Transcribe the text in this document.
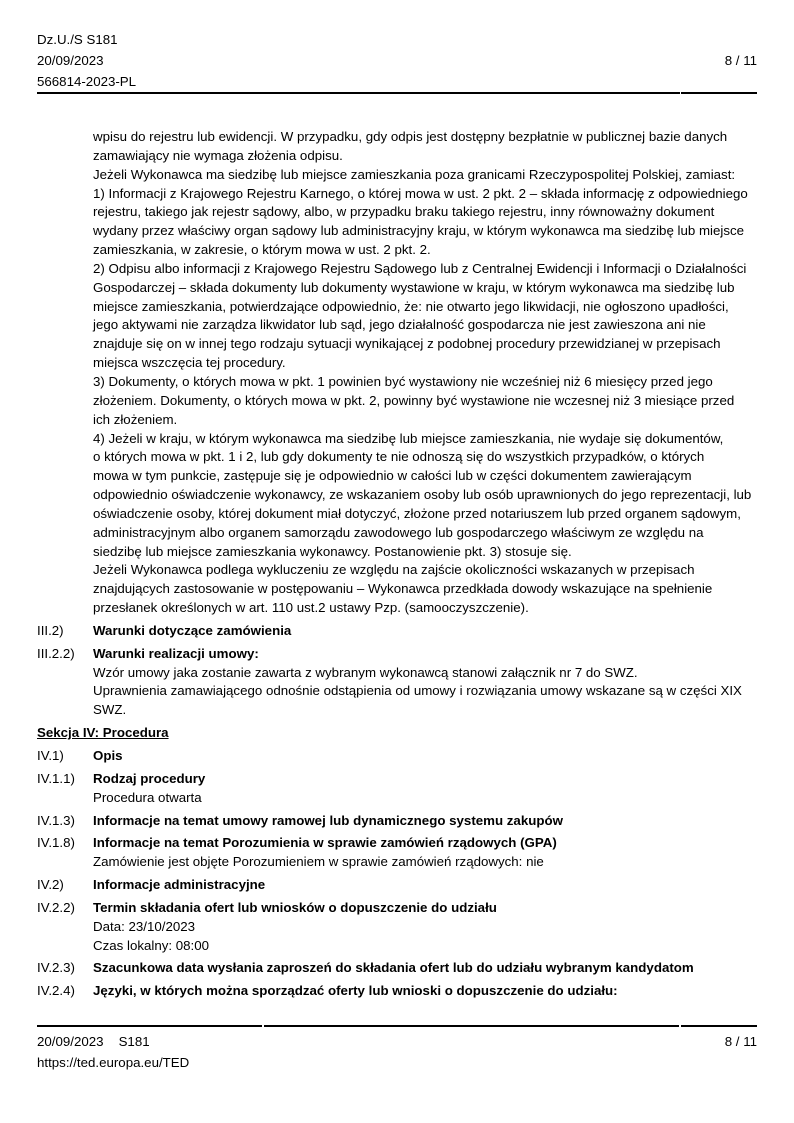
Dz.U./S S181
20/09/2023	8 / 11
566814-2023-PL
wpisu do rejestru lub ewidencji. W przypadku, gdy odpis jest dostępny bezpłatnie w publicznej bazie danych
zamawiający nie wymaga złożenia odpisu.
Jeżeli Wykonawca ma siedzibę lub miejsce zamieszkania poza granicami Rzeczypospolitej Polskiej, zamiast:
1) Informacji z Krajowego Rejestru Karnego, o której mowa w ust. 2 pkt. 2 – składa informację z odpowiedniego
rejestru, takiego jak rejestr sądowy, albo, w przypadku braku takiego rejestru, inny równoważny dokument
wydany przez właściwy organ sądowy lub administracyjny kraju, w którym wykonawca ma siedzibę lub miejsce
zamieszkania, w zakresie, o którym mowa w ust. 2 pkt. 2.
2) Odpisu albo informacji z Krajowego Rejestru Sądowego lub z Centralnej Ewidencji i Informacji o Działalności
Gospodarczej – składa dokumenty lub dokumenty wystawione w kraju, w którym wykonawca ma siedzibę lub
miejsce zamieszkania, potwierdzające odpowiednio, że: nie otwarto jego likwidacji, nie ogłoszono upadłości,
jego aktywami nie zarządza likwidator lub sąd, jego działalność gospodarcza nie jest zawieszona ani nie
znajduje się on w innej tego rodzaju sytuacji wynikającej z podobnej procedury przewidzianej w przepisach
miejsca wszczęcia tej procedury.
3) Dokumenty, o których mowa w pkt. 1 powinien być wystawiony nie wcześniej niż 6 miesięcy przed jego
złożeniem. Dokumenty, o których mowa w pkt. 2, powinny być wystawione nie wczesnej niż 3 miesiące przed
ich złożeniem.
4) Jeżeli w kraju, w którym wykonawca ma siedzibę lub miejsce zamieszkania, nie wydaje się dokumentów,
o których mowa w pkt. 1 i 2, lub gdy dokumenty te nie odnoszą się do wszystkich przypadków, o których
mowa w tym punkcie, zastępuje się je odpowiednio w całości lub w części dokumentem zawierającym
odpowiednio oświadczenie wykonawcy, ze wskazaniem osoby lub osób uprawnionych do jego reprezentacji, lub
oświadczenie osoby, której dokument miał dotyczyć, złożone przed notariuszem lub przed organem sądowym,
administracyjnym albo organem samorządu zawodowego lub gospodarczego właściwym ze względu na
siedzibę lub miejsce zamieszkania wykonawcy. Postanowienie pkt. 3) stosuje się.
Jeżeli Wykonawca podlega wykluczeniu ze względu na zajście okoliczności wskazanych w przepisach
znajdujących zastosowanie w postępowaniu – Wykonawca przedkłada dowody wskazujące na spełnienie
przesłanek określonych w art. 110 ust.2 ustawy Pzp. (samooczyszczenie).
III.2)	Warunki dotyczące zamówienia
III.2.2)	Warunki realizacji umowy:
Wzór umowy jaka zostanie zawarta z wybranym wykonawcą stanowi załącznik nr 7 do SWZ.
Uprawnienia zamawiającego odnośnie odstąpienia od umowy i rozwiązania umowy wskazane są w części XIX
SWZ.
Sekcja IV: Procedura
IV.1)	Opis
IV.1.1)	Rodzaj procedury
Procedura otwarta
IV.1.3)	Informacje na temat umowy ramowej lub dynamicznego systemu zakupów
IV.1.8)	Informacje na temat Porozumienia w sprawie zamówień rządowych (GPA)
Zamówienie jest objęte Porozumieniem w sprawie zamówień rządowych: nie
IV.2)	Informacje administracyjne
IV.2.2)	Termin składania ofert lub wniosków o dopuszczenie do udziału
Data: 23/10/2023
Czas lokalny: 08:00
IV.2.3)	Szacunkowa data wysłania zaproszeń do składania ofert lub do udziału wybranym kandydatom
IV.2.4)	Języki, w których można sporządzać oferty lub wnioski o dopuszczenie do udziału:
20/09/2023 S181	8 / 11
https://ted.europa.eu/TED
